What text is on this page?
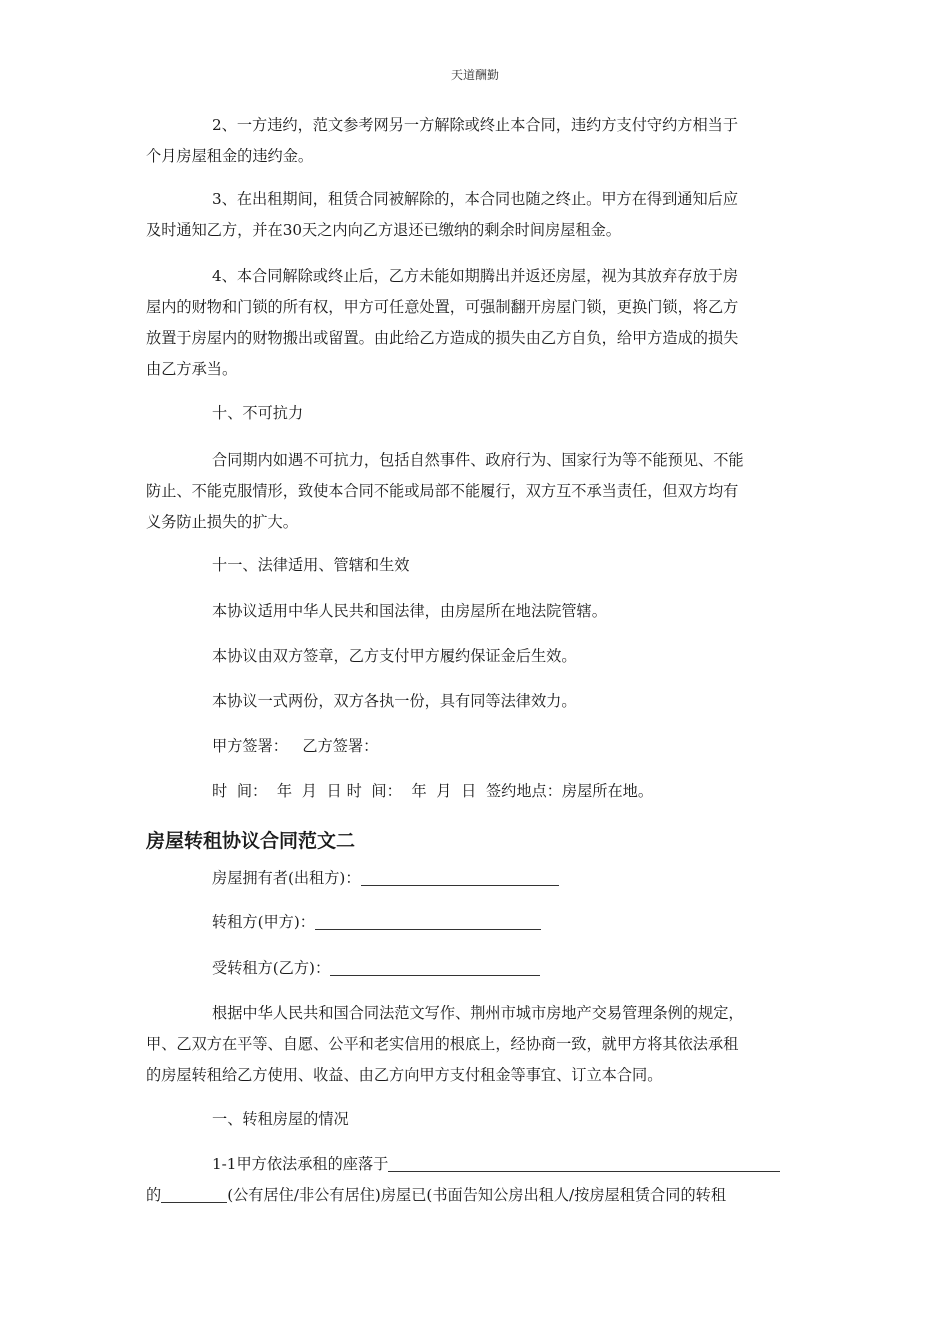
天道酬勤
2、一方违约，范文参考网另一方解除或终止本合同，违约方支付守约方相当于
个月房屋租金的违约金。
3、在出租期间，租赁合同被解除的，本合同也随之终止。甲方在得到通知后应
及时通知乙方，并在30天之内向乙方退还已缴纳的剩余时间房屋租金。
4、本合同解除或终止后，乙方未能如期腾出并返还房屋，视为其放弃存放于房
屋内的财物和门锁的所有权，甲方可任意处置，可强制翻开房屋门锁，更换门锁，将乙方
放置于房屋内的财物搬出或留置。由此给乙方造成的损失由乙方自负，给甲方造成的损失
由乙方承当。
十、不可抗力
合同期内如遇不可抗力，包括自然事件、政府行为、国家行为等不能预见、不能
防止、不能克服情形，致使本合同不能或局部不能履行，双方互不承当责任，但双方均有
义务防止损失的扩大。
十一、法律适用、管辖和生效
本协议适用中华人民共和国法律，由房屋所在地法院管辖。
本协议由双方签章，乙方支付甲方履约保证金后生效。
本协议一式两份，双方各执一份，具有同等法律效力。
甲方签署：   乙方签署：
时  间：  年  月  日 时  间：  年  月  日  签约地点：房屋所在地。
房屋转租协议合同范文二
房屋拥有者(出租方)：
转租方(甲方)：
受转租方(乙方)：
根据中华人民共和国合同法范文写作、荆州市城市房地产交易管理条例的规定，
甲、乙双方在平等、自愿、公平和老实信用的根底上，经协商一致，就甲方将其依法承租
的房屋转租给乙方使用、收益、由乙方向甲方支付租金等事宜、订立本合同。
一、转租房屋的情况
1-1甲方依法承租的座落于
的	(公有居住/非公有居住)房屋已(书面告知公房出租人/按房屋租赁合同的转租
